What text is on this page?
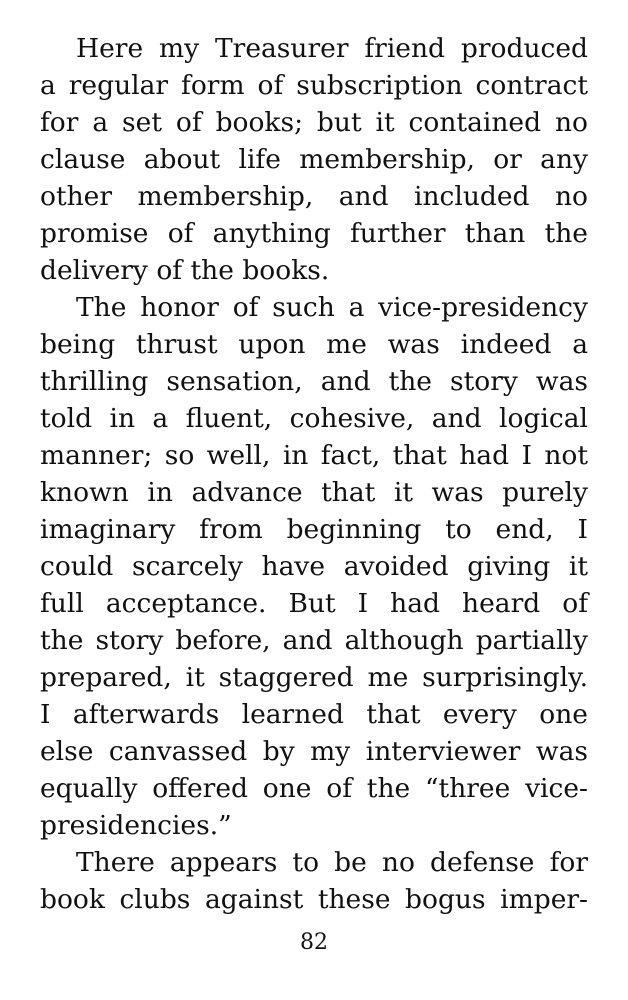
Here my Treasurer friend produced
a regular form of subscription contract
for a set of books; but it contained no
clause about life membership, or any
other membership, and included no
promise of anything further than the
delivery of the books.
The honor of such a vice-presidency
being thrust upon me was indeed a
thrilling sensation, and the story was
told in a fluent, cohesive, and logical
manner; so well, in fact, that had I not
known in advance that it was purely
imaginary from beginning to end, I
could scarcely have avoided giving it
full acceptance. But I had heard of
the story before, and although partially
prepared, it staggered me surprisingly.
I afterwards learned that every one
else canvassed by my interviewer was
equally offered one of the “three vice-
presidencies.”
There appears to be no defense for
book clubs against these bogus imper-
82
